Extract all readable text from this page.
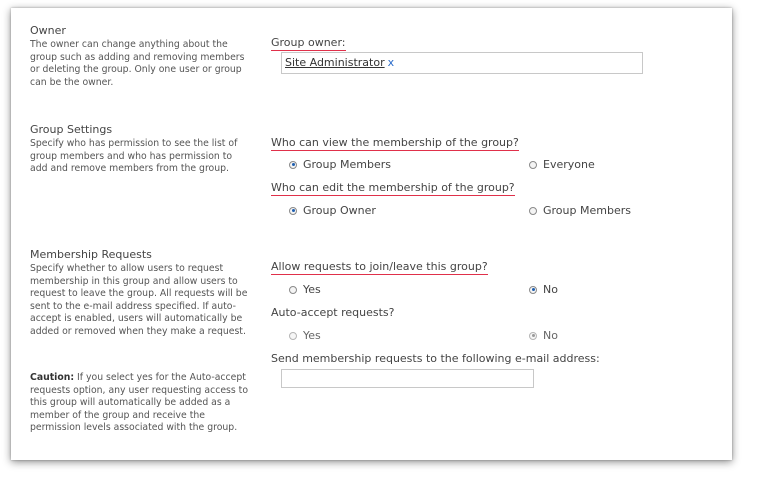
Owner
The owner can change anything about the group such as adding and removing members or deleting the group. Only one user or group can be the owner.
Group owner:
Site Administrator x
Group Settings
Specify who has permission to see the list of group members and who has permission to add and remove members from the group.
Who can view the membership of the group?
Group Members	Everyone
Who can edit the membership of the group?
Group Owner	Group Members
Membership Requests
Specify whether to allow users to request membership in this group and allow users to request to leave the group. All requests will be sent to the e-mail address specified. If auto-accept is enabled, users will automatically be added or removed when they make a request.
Caution: If you select yes for the Auto-accept requests option, any user requesting access to this group will automatically be added as a member of the group and receive the permission levels associated with the group.
Allow requests to join/leave this group?
Yes	No
Auto-accept requests?
Yes	No
Send membership requests to the following e-mail address:
